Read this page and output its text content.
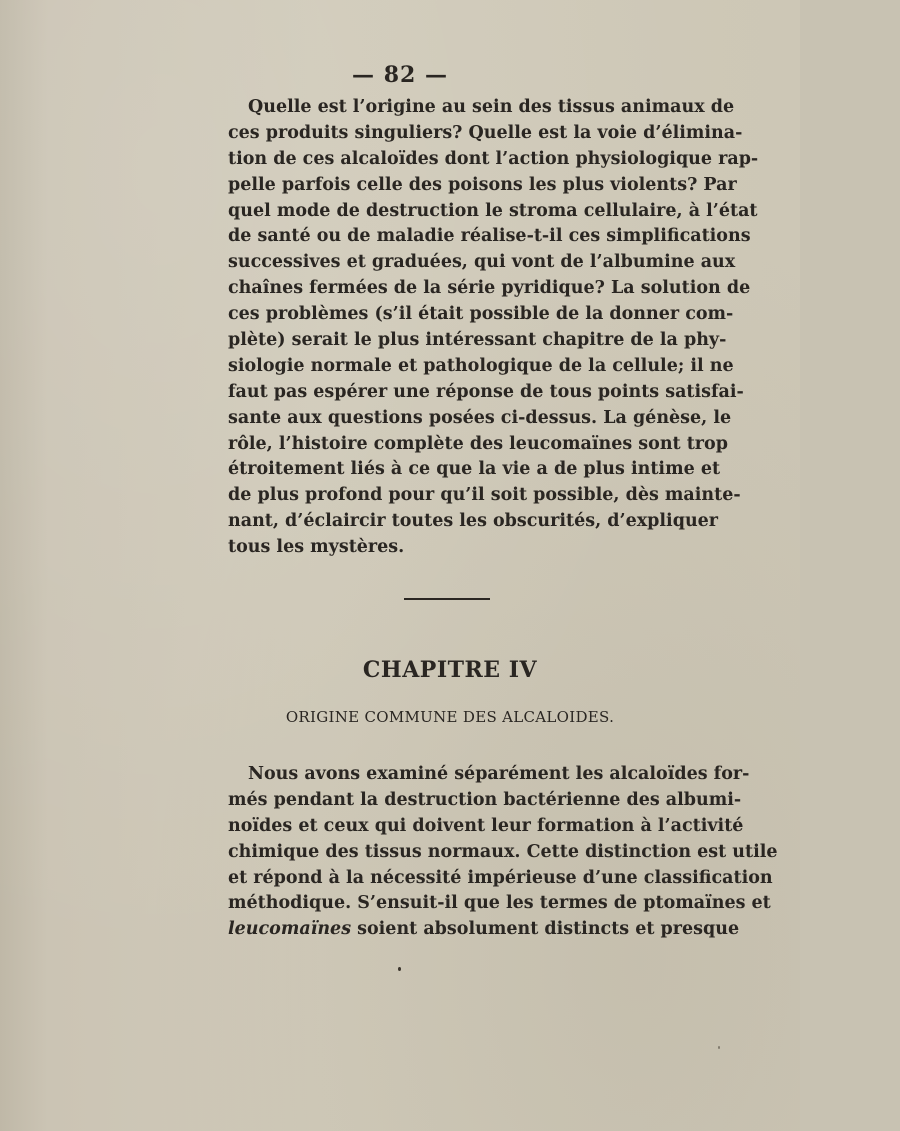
— 82 —
Quelle est l’origine au sein des tissus animaux de
ces produits singuliers? Quelle est la voie d’élimina-
tion de ces alcaloïdes dont l’action physiologique rap-
pelle parfois celle des poisons les plus violents? Par
quel mode de destruction le stroma cellulaire, à l’état
de santé ou de maladie réalise-t-il ces simplifications
successives et graduées, qui vont de l’albumine aux
chaînes fermées de la série pyridique? La solution de
ces problèmes (s’il était possible de la donner com-
plète) serait le plus intéressant chapitre de la phy-
siologie normale et pathologique de la cellule; il ne
faut pas espérer une réponse de tous points satisfai-
sante aux questions posées ci-dessus. La génèse, le
rôle, l’histoire complète des leucomaïnes sont trop
étroitement liés à ce que la vie a de plus intime et
de plus profond pour qu’il soit possible, dès mainte-
nant, d’éclaircir toutes les obscurités, d’expliquer
tous les mystères.
CHAPITRE IV
ORIGINE COMMUNE DES ALCALOIDES.
Nous avons examiné séparément les alcaloïdes for-
més pendant la destruction bactérienne des albumi-
noïdes et ceux qui doivent leur formation à l’activité
chimique des tissus normaux. Cette distinction est utile
et répond à la nécessité impérieuse d’une classification
méthodique. S’ensuit-il que les termes de ptomaïnes et
leucomaïnes soient absolument distincts et presque
